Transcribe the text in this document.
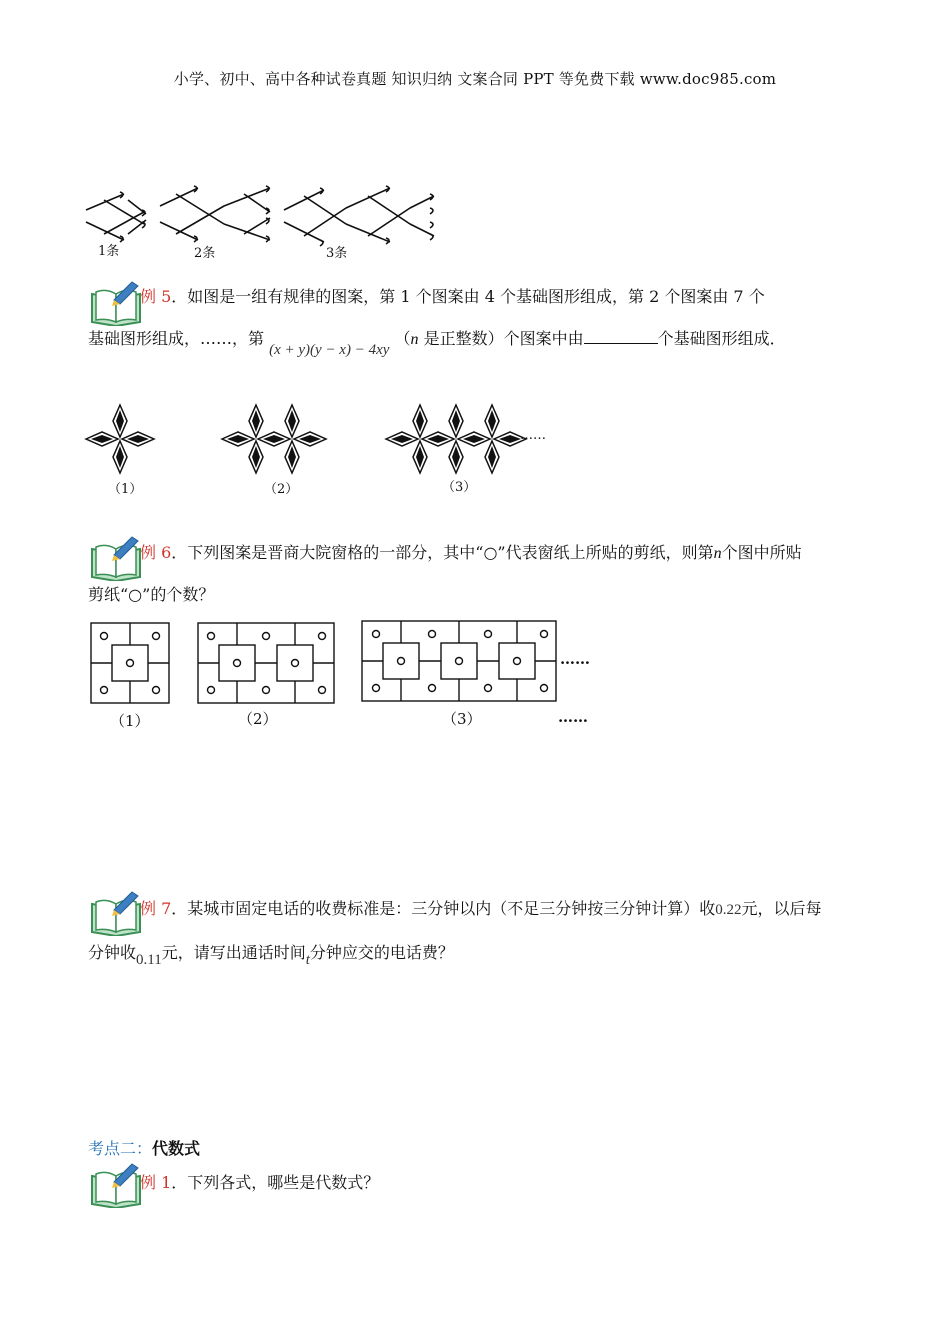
小学、初中、高中各种试卷真题 知识归纳 文案合同 PPT 等免费下载 www.doc985.com
1条	2条	3条
例 5．如图是一组有规律的图案，第 1 个图案由 4 个基础图形组成，第 2 个图案由 7 个
基础图形组成，……，第 (x + y)(y − x) − 4xy （n 是正整数）个图案中由	个基础图形组成．
……
（1）	（2）	（3）
例 6．下列图案是晋商大院窗格的一部分，其中“○”代表窗纸上所贴的剪纸，则第n个图中所贴
剪纸“○”的个数？
……
（1）	（2）	（3）	……
例 7．某城市固定电话的收费标准是：三分钟以内（不足三分钟按三分钟计算）收0.22元，以后每
分钟收0.11元，请写出通话时间t分钟应交的电话费？
考点二：代数式
例 1．下列各式，哪些是代数式？
